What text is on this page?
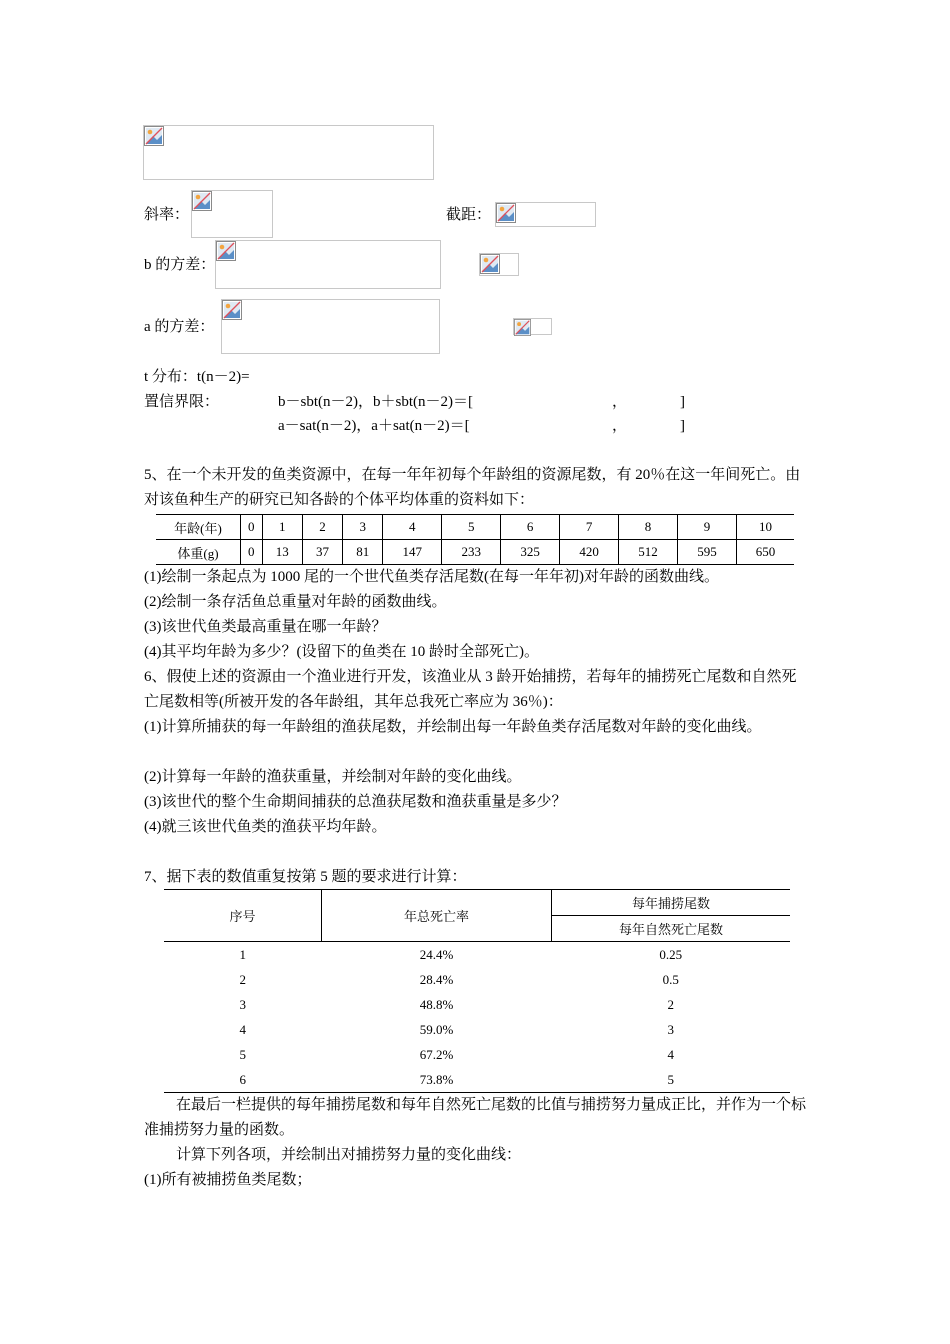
斜率：	截距：
b 的方差：
a 的方差：
t 分布：t(n－2)=
置信界限：	b－sbt(n－2)，b＋sbt(n－2)＝[	，	]
a－sat(n－2)，a＋sat(n－2)＝[	，	]
5、在一个未开发的鱼类资源中，在每一年年初每个年龄组的资源尾数，有 20％在这一年间死亡。由对该鱼种生产的研究已知各龄的个体平均体重的资料如下：
年龄(年)	0	1	2	3	4	5	6	7	8	9	10
体重(g)	0	13	37	81	147	233	325	420	512	595	650
(1)绘制一条起点为 1000 尾的一个世代鱼类存活尾数(在每一年年初)对年龄的函数曲线。
(2)绘制一条存活鱼总重量对年龄的函数曲线。
(3)该世代鱼类最高重量在哪一年龄？
(4)其平均年龄为多少？(设留下的鱼类在 10 龄时全部死亡)。
6、假使上述的资源由一个渔业进行开发，该渔业从 3 龄开始捕捞，若每年的捕捞死亡尾数和自然死亡尾数相等(所被开发的各年龄组，其年总我死亡率应为 36％)：
(1)计算所捕获的每一年龄组的渔获尾数，并绘制出每一年龄鱼类存活尾数对年龄的变化曲线。
(2)计算每一年龄的渔获重量，并绘制对年龄的变化曲线。
(3)该世代的整个生命期间捕获的总渔获尾数和渔获重量是多少？
(4)就三该世代鱼类的渔获平均年龄。
7、据下表的数值重复按第 5 题的要求进行计算：
序号	年总死亡率	每年捕捞尾数
		每年自然死亡尾数
1	24.4%	0.25
2	28.4%	0.5
3	48.8%	2
4	59.0%	3
5	67.2%	4
6	73.8%	5
在最后一栏提供的每年捕捞尾数和每年自然死亡尾数的比值与捕捞努力量成正比，并作为一个标准捕捞努力量的函数。
计算下列各项，并绘制出对捕捞努力量的变化曲线：
(1)所有被捕捞鱼类尾数；
